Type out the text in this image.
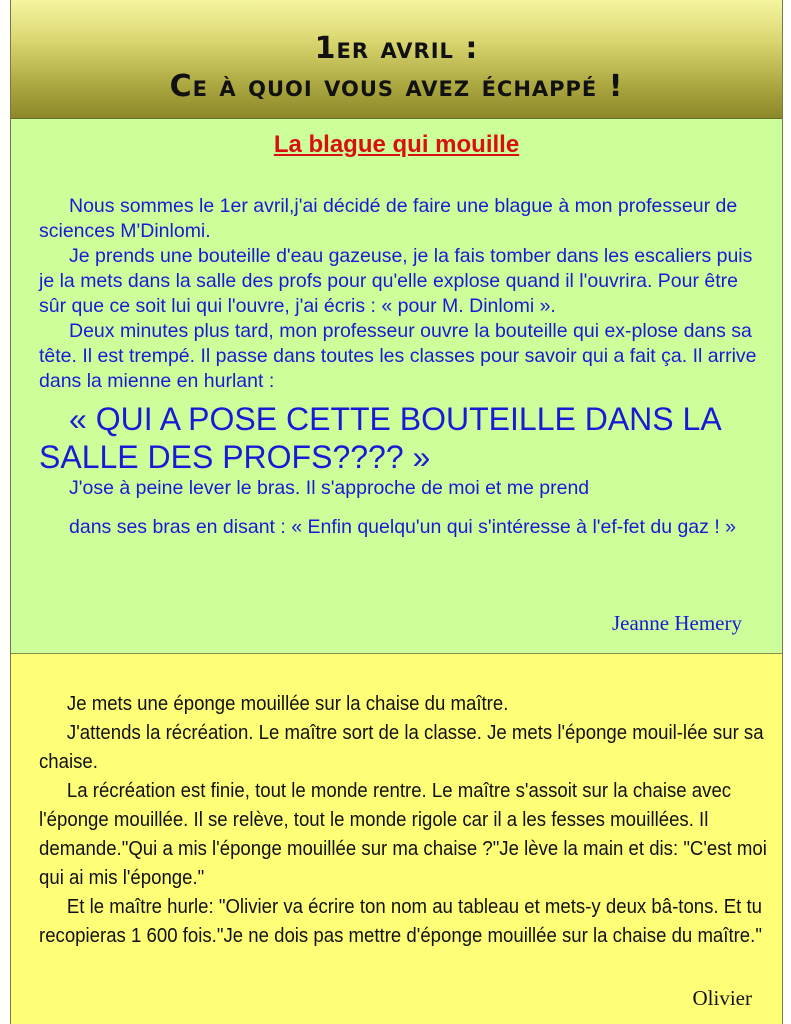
1er avril :
Ce à quoi vous avez échappé !
La blague qui mouille

Nous sommes le 1er avril,j'ai décidé de faire une blague à mon professeur de sciences M'Dinlomi.

Je prends une bouteille d'eau gazeuse, je la fais tomber dans les escaliers puis je la mets dans la salle des profs pour qu'elle explose quand il l'ouvrira. Pour être sûr que ce soit lui qui l'ouvre, j'ai écris : « pour M. Dinlomi ».

Deux minutes plus tard, mon professeur ouvre la bouteille qui ex-plose dans sa tête. Il est trempé. Il passe dans toutes les classes pour savoir qui a fait ça. Il arrive dans la mienne en hurlant :

« QUI A POSE CETTE BOUTEILLE DANS LA SALLE DES PROFS???? »

J'ose à peine lever le bras. Il s'approche de moi et me prend

dans ses bras en disant : « Enfin quelqu'un qui s'intéresse à l'ef-fet du gaz ! »

Jeanne Hemery

Je mets une éponge mouillée sur la chaise du maître.

J'attends la récréation. Le maître sort de la classe. Je mets l'éponge mouil-lée sur sa chaise.

La récréation est finie, tout le monde rentre. Le maître s'assoit sur la chaise avec l'éponge mouillée. Il se relève, tout le monde rigole car il a les fesses mouillées. Il demande."Qui a mis l'éponge mouillée sur ma chaise ?"Je lève la main et dis: "C'est moi qui ai mis l'éponge."

Et le maître hurle: "Olivier va écrire ton nom au tableau et mets-y deux bâ-tons. Et tu recopieras 1 600 fois."Je ne dois pas mettre d'éponge mouillée sur la chaise du maître."

Olivier
